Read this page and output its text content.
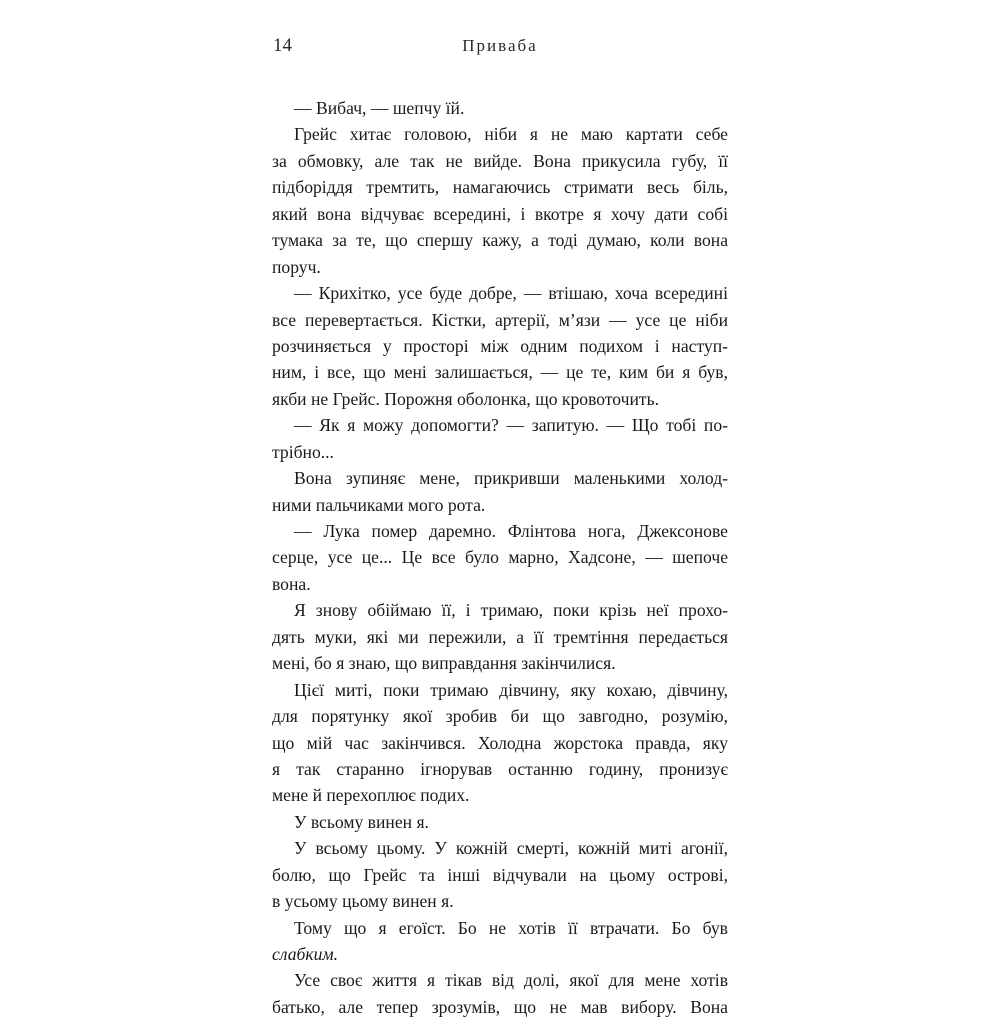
14	Приваба
— Вибач, — шепчу їй.
Грейс хитає головою, ніби я не маю картати себе
за обмовку, але так не вийде. Вона прикусила губу, її
підборіддя тремтить, намагаючись стримати весь біль,
який вона відчуває всередині, і вкотре я хочу дати собі
тумака за те, що спершу кажу, а тоді думаю, коли вона
поруч.
— Крихітко, усе буде добре, — втішаю, хоча всередині
все перевертається. Кістки, артерії, м’язи — усе це ніби
розчиняється у просторі між одним подихом і наступ-
ним, і все, що мені залишається, — це те, ким би я був,
якби не Грейс. Порожня оболонка, що кровоточить.
— Як я можу допомогти? — запитую. — Що тобі по-
трібно...
Вона зупиняє мене, прикривши маленькими холод-
ними пальчиками мого рота.
— Лука помер даремно. Флінтова нога, Джексонове
серце, усе це... Це все було марно, Хадсоне, — шепоче
вона.
Я знову обіймаю її, і тримаю, поки крізь неї прохо-
дять муки, які ми пережили, а її тремтіння передається
мені, бо я знаю, що виправдання закінчилися.
Цієї миті, поки тримаю дівчину, яку кохаю, дівчину,
для порятунку якої зробив би що завгодно, розумію,
що мій час закінчився. Холодна жорстока правда, яку
я так старанно ігнорував останню годину, пронизує
мене й перехоплює подих.
У всьому винен я.
У всьому цьому. У кожній смерті, кожній миті агонії,
болю, що Грейс та інші відчували на цьому острові,
в усьому цьому винен я.
Тому що я егоїст. Бо не хотів її втрачати. Бо був
слабким.
Усе своє життя я тікав від долі, якої для мене хотів
батько, але тепер зрозумів, що не мав вибору. Вона
